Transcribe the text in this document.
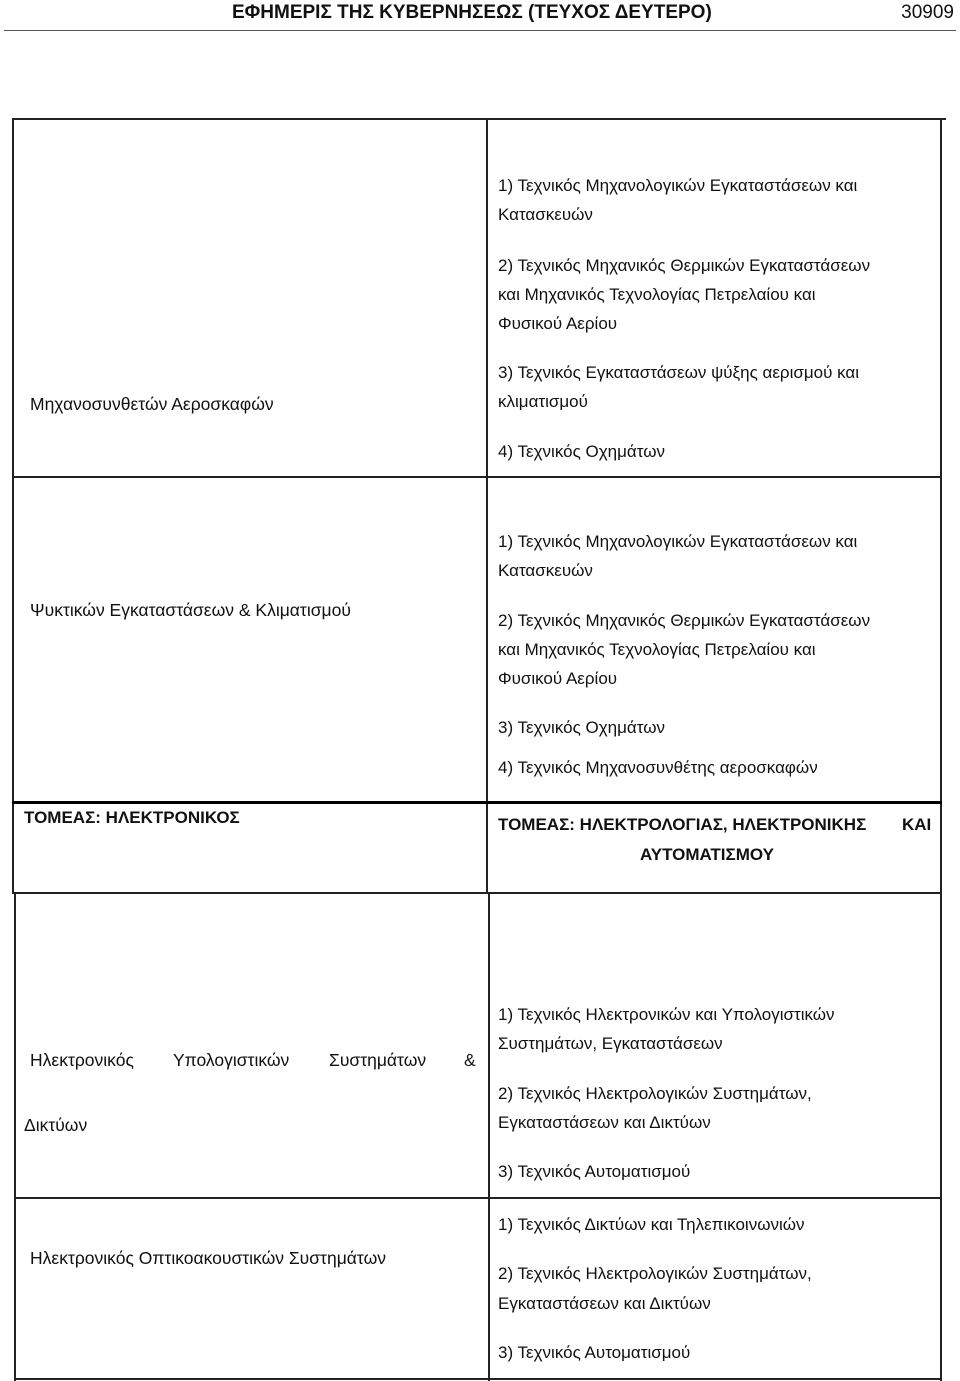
ΕΦΗΜΕΡΙΣ ΤΗΣ ΚΥΒΕΡΝΗΣΕΩΣ (ΤΕΥΧΟΣ ΔΕΥΤΕΡΟ)	30909
Μηχανοσυνθετών Αεροσκαφών
1) Τεχνικός Μηχανολογικών Εγκαταστάσεων και
Κατασκευών
2) Τεχνικός Μηχανικός Θερμικών Εγκαταστάσεων
και Μηχανικός Τεχνολογίας Πετρελαίου και
Φυσικού Αερίου
3) Τεχνικός Εγκαταστάσεων ψύξης αερισμού και
κλιματισμού
4) Τεχνικός Οχημάτων
Ψυκτικών Εγκαταστάσεων & Κλιματισμού
1) Τεχνικός Μηχανολογικών Εγκαταστάσεων και
Κατασκευών
2) Τεχνικός Μηχανικός Θερμικών Εγκαταστάσεων
και Μηχανικός Τεχνολογίας Πετρελαίου και
Φυσικού Αερίου
3) Τεχνικός Οχημάτων
4) Τεχνικός Μηχανοσυνθέτης αεροσκαφών
ΤΟΜΕΑΣ: ΗΛΕΚΤΡΟΝΙΚΟΣ	ΤΟΜΕΑΣ: ΗΛΕΚΤΡΟΛΟΓΙΑΣ, ΗΛΕΚΤΡΟΝΙΚΗΣ ΚΑΙ
ΑΥΤΟΜΑΤΙΣΜΟΥ
Ηλεκτρονικός Υπολογιστικών Συστημάτων &
Δικτύων
1) Τεχνικός Ηλεκτρονικών και Υπολογιστικών
Συστημάτων, Εγκαταστάσεων
2) Τεχνικός Ηλεκτρολογικών Συστημάτων,
Εγκαταστάσεων και Δικτύων
3) Τεχνικός Αυτοματισμού
Ηλεκτρονικός Οπτικοακουστικών Συστημάτων
1) Τεχνικός Δικτύων και Τηλεπικοινωνιών
2) Τεχνικός Ηλεκτρολογικών Συστημάτων,
Εγκαταστάσεων και Δικτύων
3) Τεχνικός Αυτοματισμού
